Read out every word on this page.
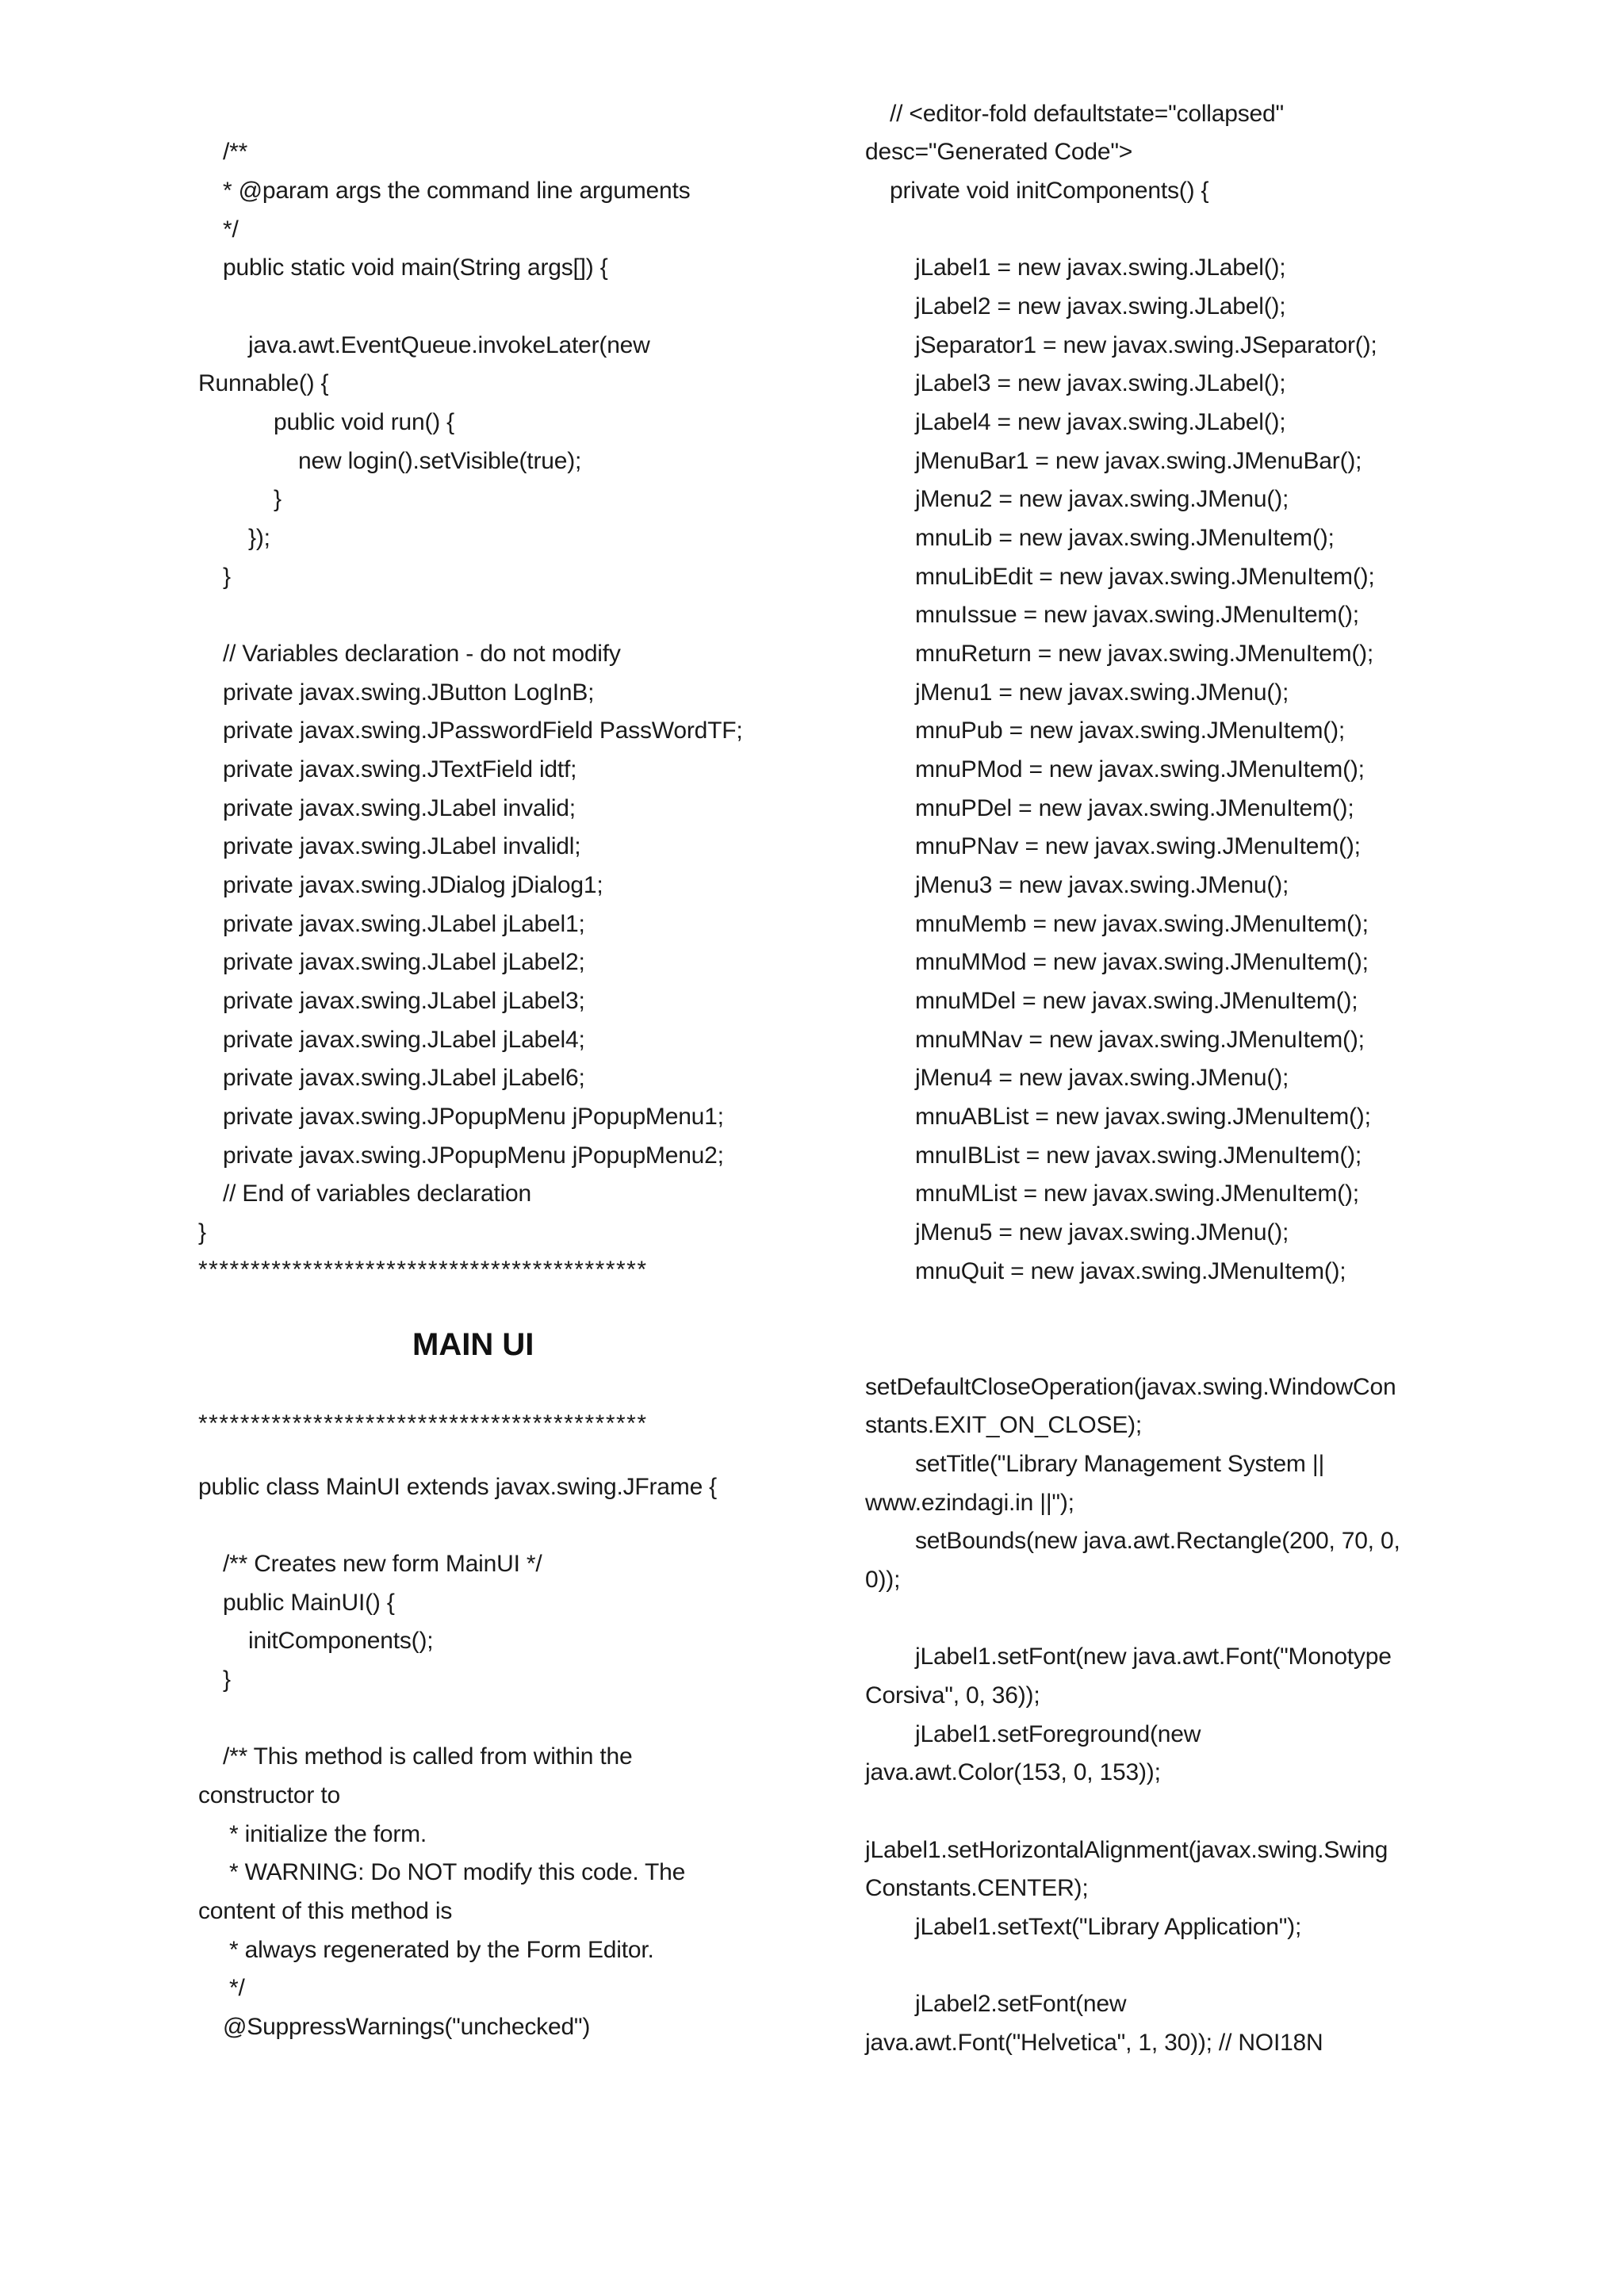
/**
* @param args the command line arguments
*/
public static void main(String args[]) {
java.awt.EventQueue.invokeLater(new
Runnable() {
public void run() {
new login().setVisible(true);
}
});
}
// Variables declaration - do not modify
private javax.swing.JButton LogInB;
private javax.swing.JPasswordField PassWordTF;
private javax.swing.JTextField idtf;
private javax.swing.JLabel invalid;
private javax.swing.JLabel invalidl;
private javax.swing.JDialog jDialog1;
private javax.swing.JLabel jLabel1;
private javax.swing.JLabel jLabel2;
private javax.swing.JLabel jLabel3;
private javax.swing.JLabel jLabel4;
private javax.swing.JLabel jLabel6;
private javax.swing.JPopupMenu jPopupMenu1;
private javax.swing.JPopupMenu jPopupMenu2;
// End of variables declaration
}
*******************************************
MAIN UI
*******************************************
public class MainUI extends javax.swing.JFrame {
/** Creates new form MainUI */
public MainUI() {
initComponents();
}
/** This method is called from within the
constructor to
* initialize the form.
* WARNING: Do NOT modify this code. The
content of this method is
* always regenerated by the Form Editor.
*/
@SuppressWarnings("unchecked")
// <editor-fold defaultstate="collapsed"
desc="Generated Code">
private void initComponents() {
jLabel1 = new javax.swing.JLabel();
jLabel2 = new javax.swing.JLabel();
jSeparator1 = new javax.swing.JSeparator();
jLabel3 = new javax.swing.JLabel();
jLabel4 = new javax.swing.JLabel();
jMenuBar1 = new javax.swing.JMenuBar();
jMenu2 = new javax.swing.JMenu();
mnuLib = new javax.swing.JMenuItem();
mnuLibEdit = new javax.swing.JMenuItem();
mnuIssue = new javax.swing.JMenuItem();
mnuReturn = new javax.swing.JMenuItem();
jMenu1 = new javax.swing.JMenu();
mnuPub = new javax.swing.JMenuItem();
mnuPMod = new javax.swing.JMenuItem();
mnuPDel = new javax.swing.JMenuItem();
mnuPNav = new javax.swing.JMenuItem();
jMenu3 = new javax.swing.JMenu();
mnuMemb = new javax.swing.JMenuItem();
mnuMMod = new javax.swing.JMenuItem();
mnuMDel = new javax.swing.JMenuItem();
mnuMNav = new javax.swing.JMenuItem();
jMenu4 = new javax.swing.JMenu();
mnuABList = new javax.swing.JMenuItem();
mnuIBList = new javax.swing.JMenuItem();
mnuMList = new javax.swing.JMenuItem();
jMenu5 = new javax.swing.JMenu();
mnuQuit = new javax.swing.JMenuItem();
setDefaultCloseOperation(javax.swing.WindowCon
stants.EXIT_ON_CLOSE);
setTitle("Library Management System ||
www.ezindagi.in ||");
setBounds(new java.awt.Rectangle(200, 70, 0,
0));
jLabel1.setFont(new java.awt.Font("Monotype
Corsiva", 0, 36));
jLabel1.setForeground(new
java.awt.Color(153, 0, 153));
jLabel1.setHorizontalAlignment(javax.swing.Swing
Constants.CENTER);
jLabel1.setText("Library Application");
jLabel2.setFont(new
java.awt.Font("Helvetica", 1, 30)); // NOI18N
